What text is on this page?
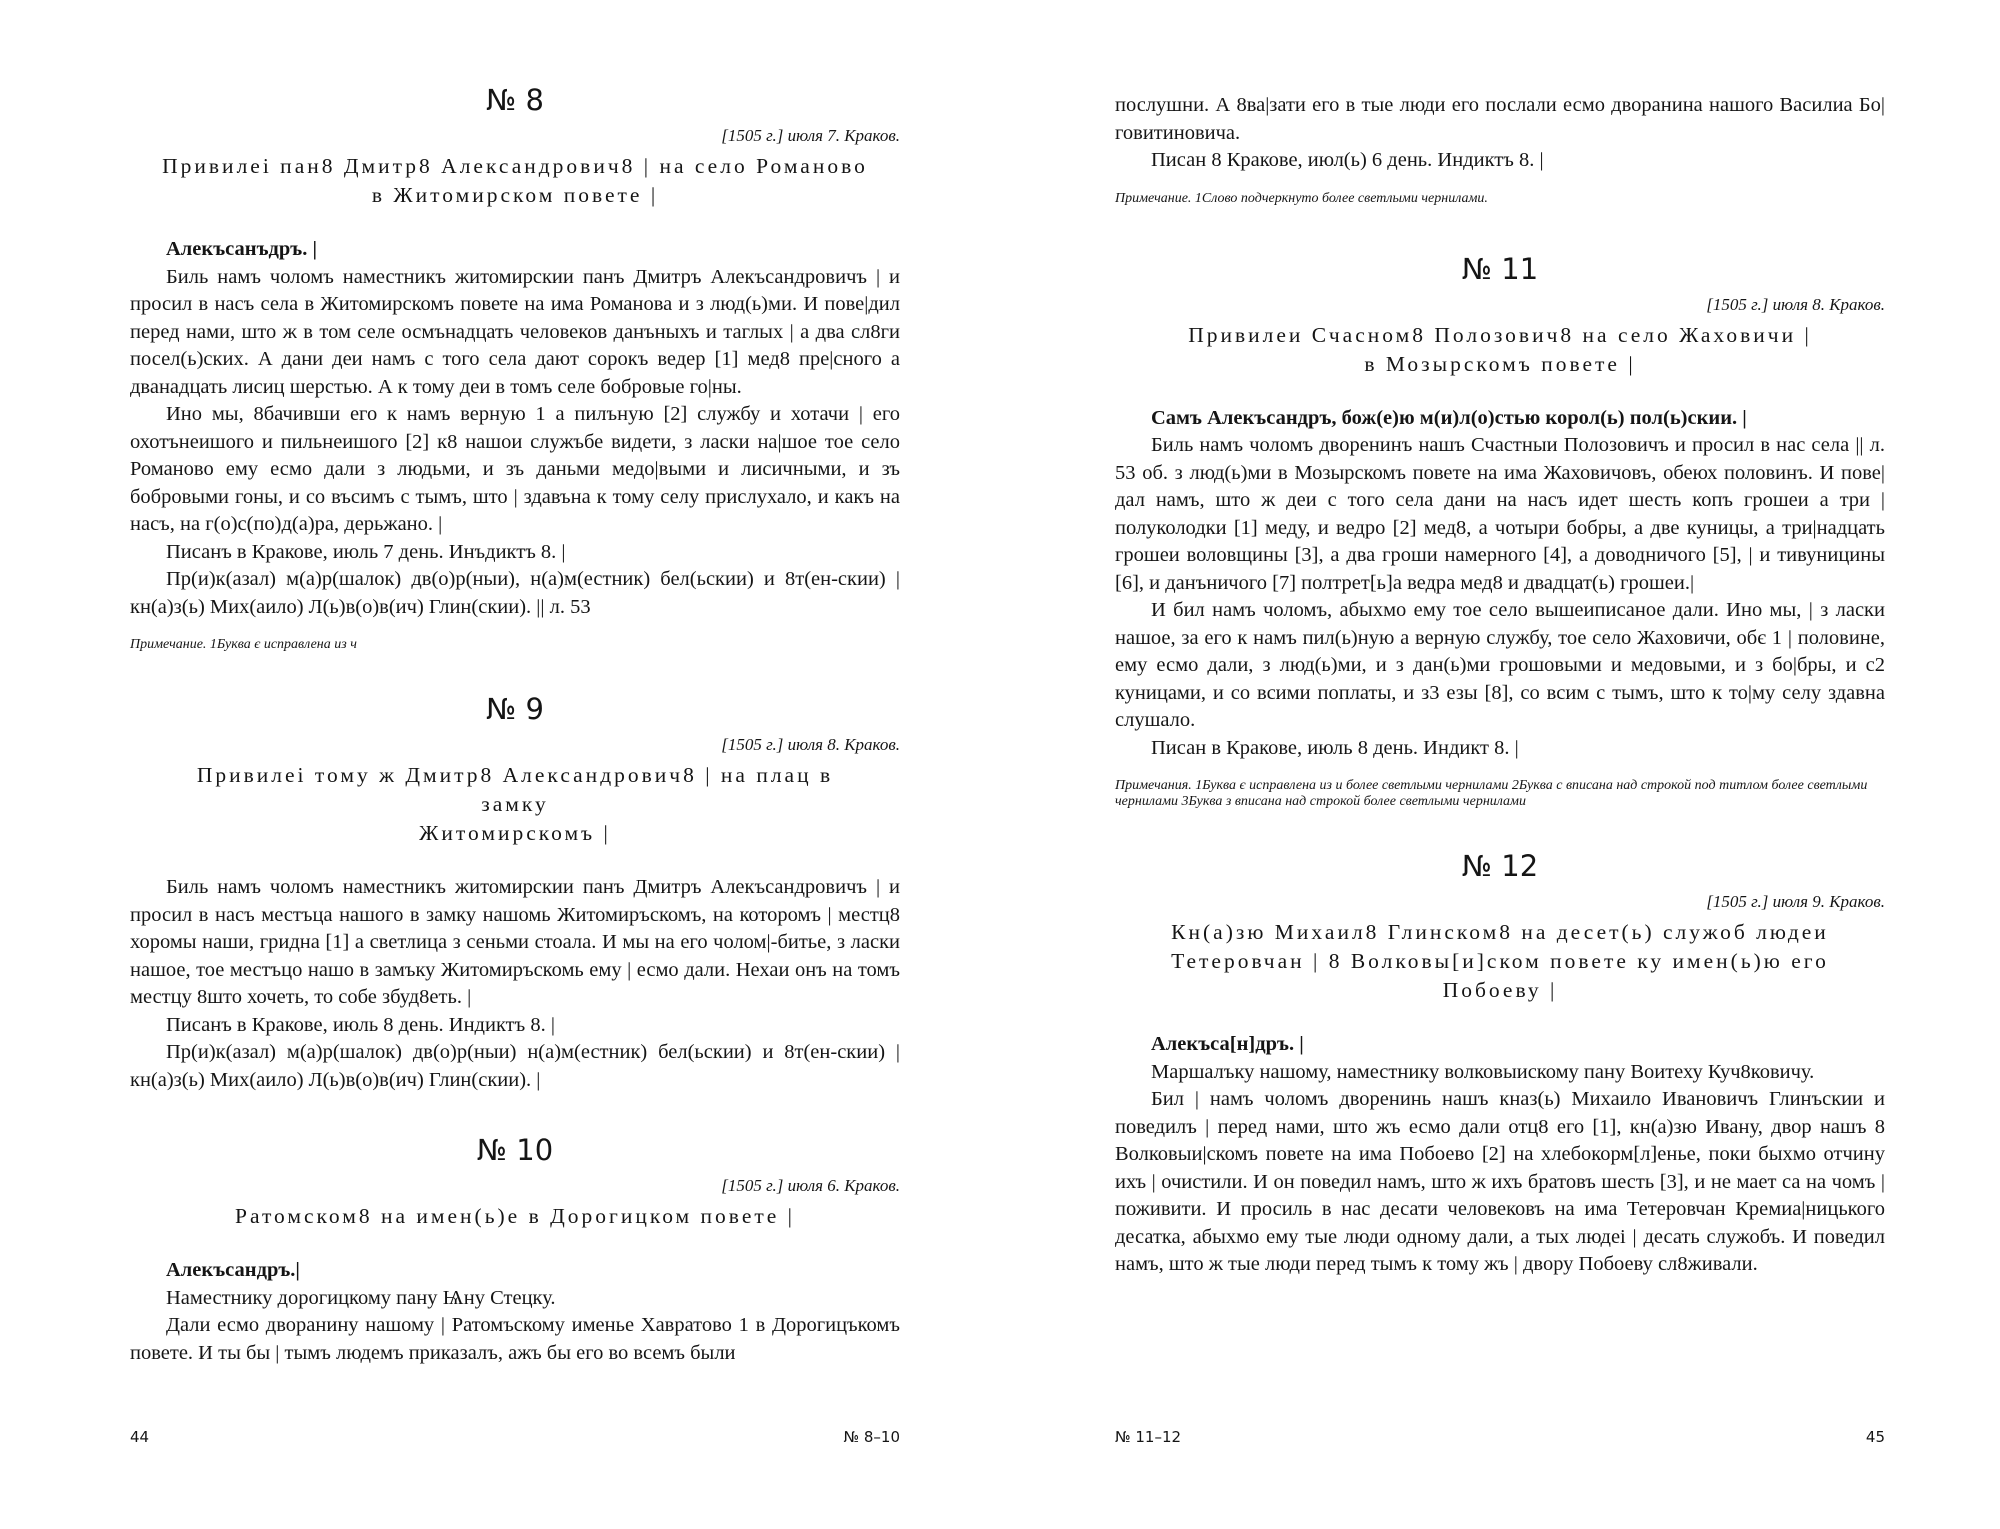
№ 8
[1505 г.] июля 7. Краков.
Привилеі пан8 Дмитр8 Александрович8 | на село Романово
в Житомирском повете |

Алекъсанъдръ. |

Биль намъ чоломъ наместникъ житомирскии панъ Дмитръ Алекъсандровичъ | и просил в насъ села в Житомирскомъ повете на има Романова и з люд(ь)ми. И пове|дил перед нами, што ж в том селе осмънадцать человеков данъныхъ и таглых | а два сл8ги посел(ь)ских. А дани деи намъ с того села дают сорокъ ведер [1] мед8 пре|сного а дванадцать лисиц шерстью. А к тому деи в томъ селе бобровые го|ны.

Ино мы, 8бачивши его к намъ верную 1 а пилъную [2] службу и хотачи | его охотънеишого и пильнеишого [2] к8 нашои служъбе видети, з ласки на|шое тое село Романово ему есмо дали з людьми, и зъ даньми медо|выми и лисичными, и зъ бобровыми гоны, и со въсимъ с тымъ, што | здавъна к тому селу прислухало, и какъ на насъ, на г(о)с(по)д(а)ра, дерьжано. |

Писанъ в Кракове, июль 7 день. Инъдиктъ 8. |

Пр(и)к(азал) м(а)р(шалок) дв(о)р(ныи), н(а)м(естник) бел(ьскии) и 8т(ен-скии) | кн(а)з(ь) Мих(аило) Л(ь)в(о)в(ич) Глин(скии). || л. 53

Примечание. 1Буква є исправлена из ч
№ 9
[1505 г.] июля 8. Краков.
Привилеі тому ж Дмитр8 Александрович8 | на плац в замку
Житомирскомъ |

Биль намъ чоломъ наместникъ житомирскии панъ Дмитръ Алекъсандровичъ | и просил в насъ местъца нашого в замку нашомь Житомиръскомъ, на которомъ | местц8 хоромы наши, гридна [1] а светлица з сеньми стоала. И мы на его чолом|-битье, з ласки нашое, тое местъцо нашо в замъку Житомиръскомь ему | есмо дали. Нехаи онъ на томъ местцу 8што хочеть, то собе збуд8еть. |

Писанъ в Кракове, июль 8 день. Индиктъ 8. |

Пр(и)к(азал) м(а)р(шалок) дв(о)р(ныи) н(а)м(естник) бел(ьскии) и 8т(ен-скии) | кн(а)з(ь) Мих(аило) Л(ь)в(о)в(ич) Глин(скии). |

№ 10
[1505 г.] июля 6. Краков.
Ратомском8 на имен(ь)е в Дорогицком повете |

Алекъсандръ.|

Наместнику дорогицкому пану Ѩну Стецку.

Дали есмо дворанину нашому | Ратомъскому именье Хавратово 1 в Дорогицъкомъ повете. И ты бы | тымъ людемъ приказалъ, ажъ бы его во всемъ были

44	№ 8–10

послушни. А 8ва|зати его в тые люди его послали есмо дворанина нашого Василиа Бо|говитиновича.

Писан 8 Кракове, июл(ь) 6 день. Индиктъ 8. |

Примечание. 1Слово подчеркнуто более светлыми чернилами.
№ 11
[1505 г.] июля 8. Краков.
Привилеи Счасном8 Полозович8 на село Жаховичи |
в Мозырскомъ повете |

Самъ Алекъсандръ, бож(е)ю м(и)л(о)стью корол(ь) пол(ь)скии. |

Биль намъ чоломъ дворенинъ нашъ Счастныи Полозовичъ и просил в нас села || л. 53 об. з люд(ь)ми в Мозырскомъ повете на има Жаховичовъ, обеюх половинъ. И пове|дал намъ, што ж деи с того села дани на насъ идет шесть копъ грошеи а три | полуколодки [1] меду, и ведро [2] мед8, а чотыри бобры, а две куницы, а три|надцать грошеи воловщины [3], а два гроши намерного [4], а доводничого [5], | и тивуницины [6], и данъничого [7] полтрет[ь]а ведра мед8 и двадцат(ь) грошеи.|

И бил намъ чоломъ, абыхмо ему тое село вышеиписаное дали. Ино мы, | з ласки нашое, за его к намъ пил(ь)ную а верную службу, тое село Жаховичи, обє 1 | половине, ему есмо дали, з люд(ь)ми, и з дан(ь)ми грошовыми и медовыми, и з бо|бры, и с2 куницами, и со всими поплаты, и з3 езы [8], со всим с тымъ, што к то|му селу здавна слушало.

Писан в Кракове, июль 8 день. Индикт 8. |

Примечания. 1Буква є исправлена из и более светлыми чернилами 2Буква с вписана над строкой под титлом более светлыми чернилами 3Буква з вписана над строкой более светлыми чернилами
№ 12
[1505 г.] июля 9. Краков.
Кн(а)зю Михаил8 Глинском8 на десет(ь) служоб людеи
Тетеровчан | 8 Волковы[и]ском повете ку имен(ь)ю его
Побоеву |

Алекъса[н]дръ. |

Маршалъку нашому, наместнику волковыискому пану Воитеху Куч8ковичу.

Бил | намъ чоломъ дворенинь нашъ кназ(ь) Михаило Ивановичъ Глинъскии и поведилъ | перед нами, што жъ есмо дали отц8 его [1], кн(а)зю Ивану, двор нашъ 8 Волковыи|скомъ повете на има Побоево [2] на хлебокорм[л]енье, поки быхмо отчину ихъ | очистили. И он поведил намъ, што ж ихъ братовъ шесть [3], и не мает са на чомъ | поживити. И просиль в нас десати человековъ на има Тетеровчан Кремиа|ницького десатка, абыхмо ему тые люди одному дали, а тых людеі | десать служобъ. И поведил намъ, што ж тые люди перед тымъ к тому жъ | двору Побоеву сл8живали.

№ 11–12	45
